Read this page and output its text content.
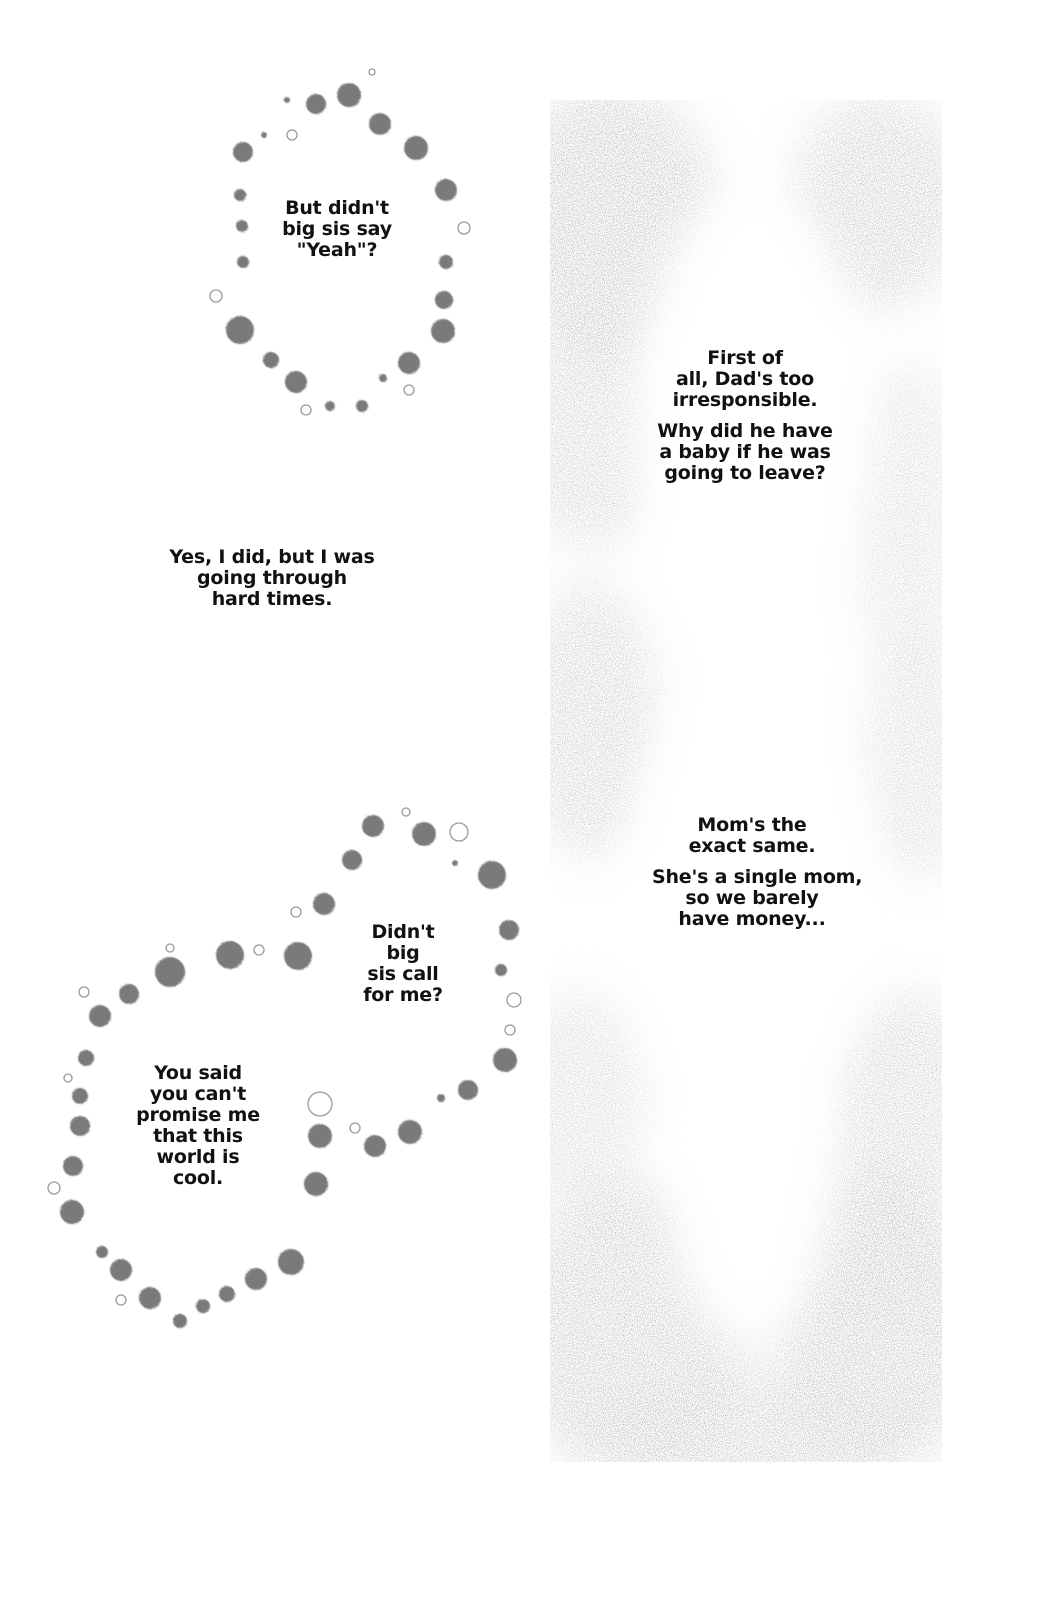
But didn't
big sis say
"Yeah"?
Yes, I did, but I was
going through
hard times.
First of
all, Dad's too
irresponsible.
Why did he have
a baby if he was
going to leave?
Mom's the
exact same.
She's a single mom,
so we barely
have money...
Didn't
big
sis call
for me?
You said
you can't
promise me
that this
world is
cool.
